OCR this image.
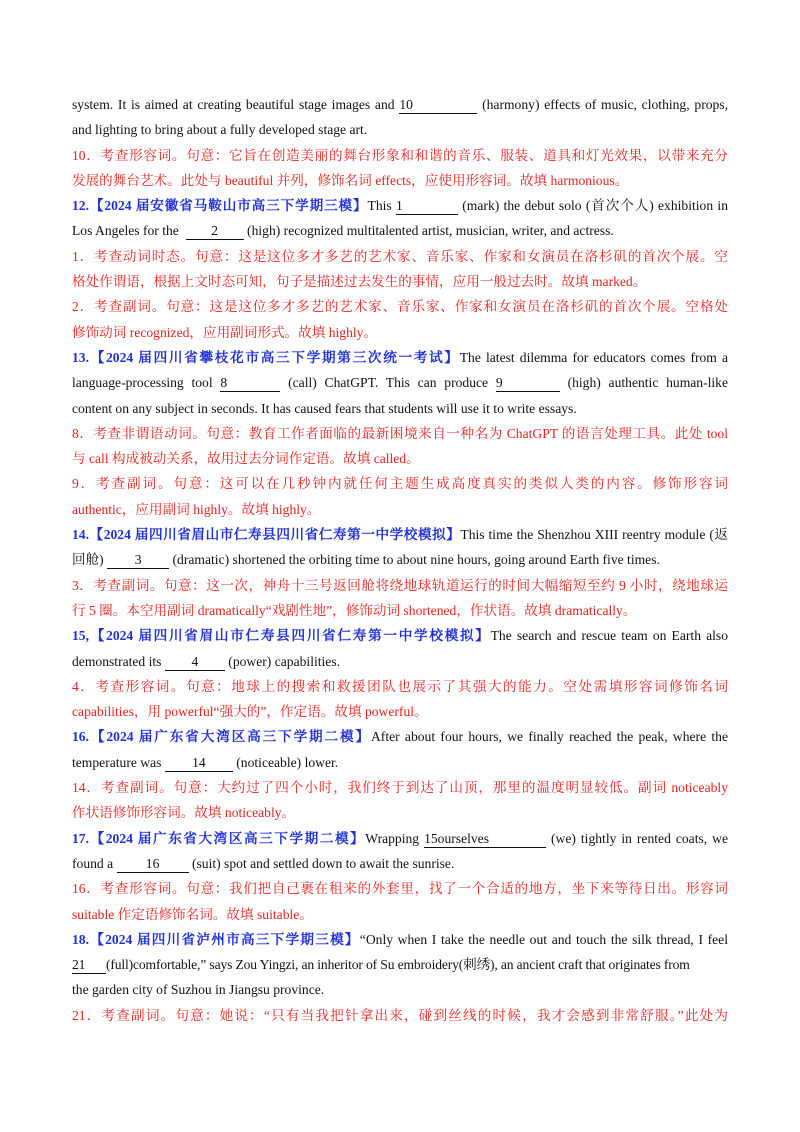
system. It is aimed at creating beautiful stage images and 10	(harmony) effects of music, clothing, props,
and lighting to bring about a fully developed stage art.
10．考查形容词。句意：它旨在创造美丽的舞台形象和和谐的音乐、服装、道具和灯光效果，以带来充分
发展的舞台艺术。此处与 beautiful 并列，修饰名词 effects，应使用形容词。故填 harmonious。
12.【2024 届安徽省马鞍山市高三下学期三模】This 1	(mark) the debut solo (首次个人) exhibition in
Los Angeles for the 2 (high) recognized multitalented artist, musician, writer, and actress.
1．考查动词时态。句意：这是这位多才多艺的艺术家、音乐家、作家和女演员在洛杉矶的首次个展。空
格处作谓语，根据上文时态可知，句子是描述过去发生的事情，应用一般过去时。故填 marked。
2．考查副词。句意：这是这位多才多艺的艺术家、音乐家、作家和女演员在洛杉矶的首次个展。空格处
修饰动词 recognized，应用副词形式。故填 highly。
13.【2024 届四川省攀枝花市高三下学期第三次统一考试】The latest dilemma for educators comes from a
language-processing tool 8	(call) ChatGPT. This can produce 9	(high) authentic human-like
content on any subject in seconds. It has caused fears that students will use it to write essays.
8．考查非谓语动词。句意：教育工作者面临的最新困境来自一种名为 ChatGPT 的语言处理工具。此处 tool
与 call 构成被动关系，故用过去分词作定语。故填 called。
9．考查副词。句意：这可以在几秒钟内就任何主题生成高度真实的类似人类的内容。修饰形容词
authentic，应用副词 highly。故填 highly。
14.【2024 届四川省眉山市仁寿县四川省仁寿第一中学校模拟】This time the Shenzhou XIII reentry module (返
回舱) 3 (dramatic) shortened the orbiting time to about nine hours, going around Earth five times.
3．考查副词。句意：这一次，神舟十三号返回舱将绕地球轨道运行的时间大幅缩短至约 9 小时，绕地球运
行 5 圈。本空用副词 dramatically“戏剧性地”，修饰动词 shortened，作状语。故填 dramatically。
15,【2024 届四川省眉山市仁寿县四川省仁寿第一中学校模拟】The search and rescue team on Earth also
demonstrated its 4 (power) capabilities.
4．考查形容词。句意：地球上的搜索和救援团队也展示了其强大的能力。空处需填形容词修饰名词
capabilities，用 powerful“强大的”，作定语。故填 powerful。
16.【2024 届广东省大湾区高三下学期二模】After about four hours, we finally reached the peak, where the
temperature was 14 (noticeable) lower.
14．考查副词。句意：大约过了四个小时，我们终于到达了山顶，那里的温度明显较低。副词 noticeably
作状语修饰形容词。故填 noticeably。
17.【2024 届广东省大湾区高三下学期二模】Wrapping 15ourselves	(we) tightly in rented coats, we
found a 16 (suit) spot and settled down to await the sunrise.
16．考查形容词。句意：我们把自己裹在租来的外套里，找了一个合适的地方，坐下来等待日出。形容词
suitable 作定语修饰名词。故填 suitable。
18.【2024 届四川省泸州市高三下学期三模】“Only when I take the needle out and touch the silk thread, I feel
21 (full)comfortable,” says Zou Yingzi, an inheritor of Su embroidery(刺绣), an ancient craft that originates from
the garden city of Suzhou in Jiangsu province.
21．考查副词。句意：她说：“只有当我把针拿出来，碰到丝线的时候，我才会感到非常舒服。”此处为
